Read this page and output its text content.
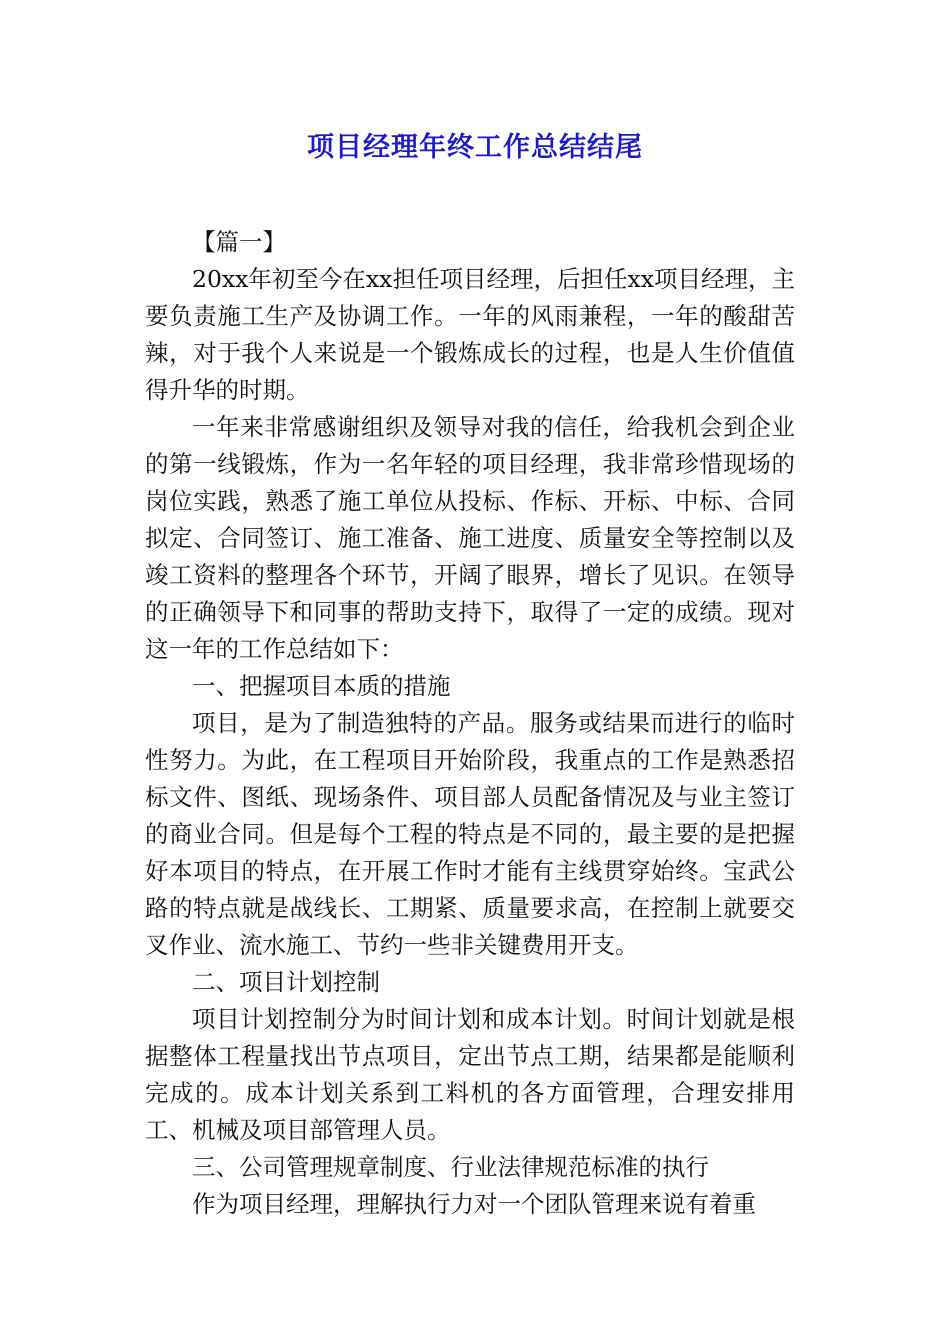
项目经理年终工作总结结尾

【篇一】

20xx年初至今在xx担任项目经理，后担任xx项目经理，主要负责施工生产及协调工作。一年的风雨兼程，一年的酸甜苦辣，对于我个人来说是一个锻炼成长的过程，也是人生价值值得升华的时期。

一年来非常感谢组织及领导对我的信任，给我机会到企业的第一线锻炼，作为一名年轻的项目经理，我非常珍惜现场的岗位实践，熟悉了施工单位从投标、作标、开标、中标、合同拟定、合同签订、施工准备、施工进度、质量安全等控制以及竣工资料的整理各个环节，开阔了眼界，增长了见识。在领导的正确领导下和同事的帮助支持下，取得了一定的成绩。现对这一年的工作总结如下：

一、把握项目本质的措施

项目，是为了制造独特的产品。服务或结果而进行的临时性努力。为此，在工程项目开始阶段，我重点的工作是熟悉招标文件、图纸、现场条件、项目部人员配备情况及与业主签订的商业合同。但是每个工程的特点是不同的，最主要的是把握好本项目的特点，在开展工作时才能有主线贯穿始终。宝武公路的特点就是战线长、工期紧、质量要求高，在控制上就要交叉作业、流水施工、节约一些非关键费用开支。

二、项目计划控制

项目计划控制分为时间计划和成本计划。时间计划就是根据整体工程量找出节点项目，定出节点工期，结果都是能顺利完成的。成本计划关系到工料机的各方面管理，合理安排用工、机械及项目部管理人员。

三、公司管理规章制度、行业法律规范标准的执行

作为项目经理，理解执行力对一个团队管理来说有着重
